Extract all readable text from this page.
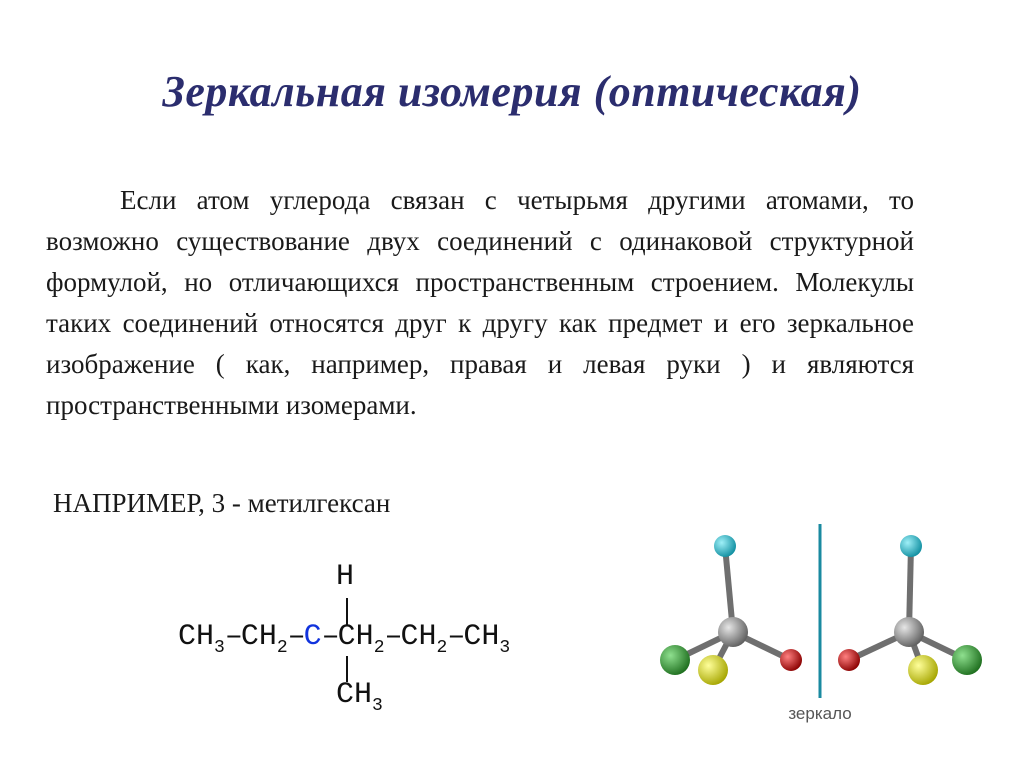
Зеркальная изомерия (оптическая)

Если атом углерода связан с четырьмя другими атомами, то возможно существование двух соединений с одинаковой структурной формулой, но отличающихся пространственным строением. Молекулы таких соединений относятся друг к другу как предмет и его зеркальное изображение ( как, например, правая и левая руки ) и являются пространственными изомерами.

НАПРИМЕР, 3 - метилгексан

H
$CH_3-CH_2-C-CH_2-CH_2-CH_3$
$CH_3$	зеркало
